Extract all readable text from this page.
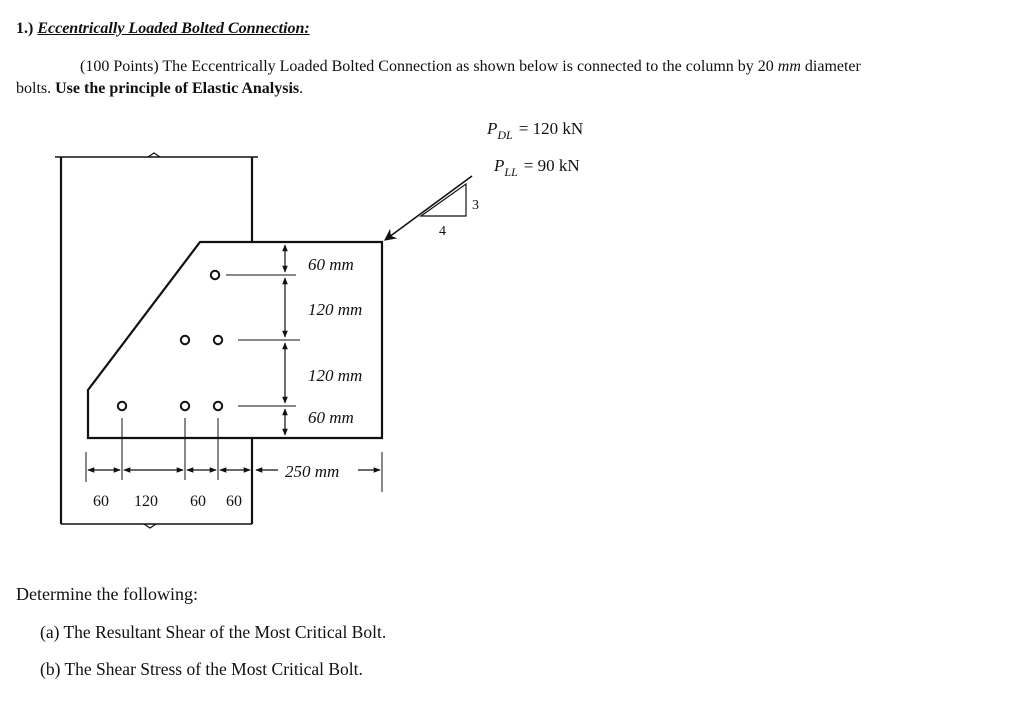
1.) Eccentrically Loaded Bolted Connection:
(100 Points) The Eccentrically Loaded Bolted Connection as shown below is connected to the column by 20 mm diameter
bolts. Use the principle of Elastic Analysis.
60 mm
120 mm
120 mm
60 mm
250 mm
60 120 60 60
3
4
$P_{DL} = 120$ kN
$P_{LL} = 90$ kN
Determine the following:
(a) The Resultant Shear of the Most Critical Bolt.
(b) The Shear Stress of the Most Critical Bolt.
